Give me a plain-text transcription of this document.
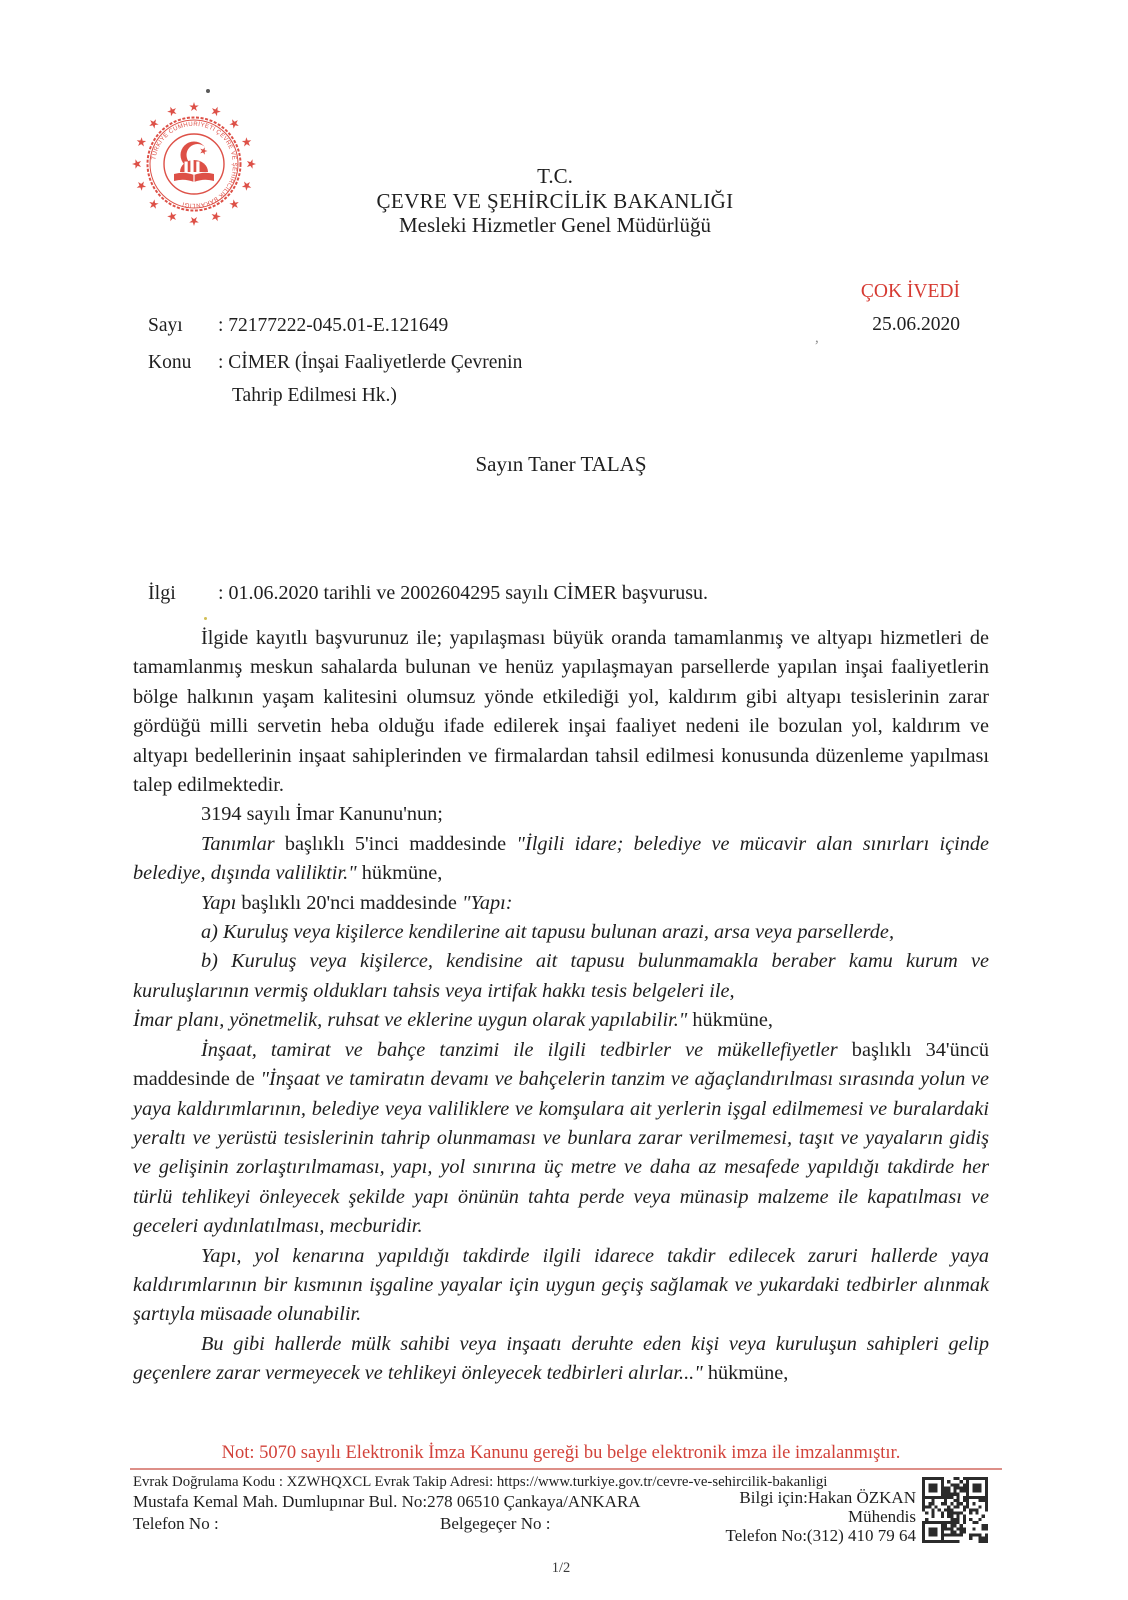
TÜRKİYE CUMHURİYETİ ÇEVRE VE ŞEHİRCİLİK BAKANLIĞI
T.C.
ÇEVRE VE ŞEHİRCİLİK BAKANLIĞI
Mesleki Hizmetler Genel Müdürlüğü
ÇOK İVEDİ
25.06.2020
Sayı	: 72177222-045.01-E.121649
Konu	: CİMER (İnşai Faaliyetlerde Çevrenin
Tahrip Edilmesi Hk.)
Sayın Taner TALAŞ
İlgi	: 01.06.2020 tarihli ve 2002604295 sayılı CİMER başvurusu.

İlgide kayıtlı başvurunuz ile; yapılaşması büyük oranda tamamlanmış ve altyapı hizmetleri de tamamlanmış meskun sahalarda bulunan ve henüz yapılaşmayan parsellerde yapılan inşai faaliyetlerin bölge halkının yaşam kalitesini olumsuz yönde etkilediği yol, kaldırım gibi altyapı tesislerinin zarar gördüğü milli servetin heba olduğu ifade edilerek inşai faaliyet nedeni ile bozulan yol, kaldırım ve altyapı bedellerinin inşaat sahiplerinden ve firmalardan tahsil edilmesi konusunda düzenleme yapılması talep edilmektedir.

3194 sayılı İmar Kanunu'nun;

Tanımlar başlıklı 5'inci maddesinde "İlgili idare; belediye ve mücavir alan sınırları içinde belediye, dışında valiliktir." hükmüne,

Yapı başlıklı 20'nci maddesinde "Yapı:

a) Kuruluş veya kişilerce kendilerine ait tapusu bulunan arazi, arsa veya parsellerde,

b) Kuruluş veya kişilerce, kendisine ait tapusu bulunmamakla beraber kamu kurum ve kuruluşlarının vermiş oldukları tahsis veya irtifak hakkı tesis belgeleri ile,

İmar planı, yönetmelik, ruhsat ve eklerine uygun olarak yapılabilir." hükmüne,

İnşaat, tamirat ve bahçe tanzimi ile ilgili tedbirler ve mükellefiyetler başlıklı 34'üncü maddesinde de "İnşaat ve tamiratın devamı ve bahçelerin tanzim ve ağaçlandırılması sırasında yolun ve yaya kaldırımlarının, belediye veya valiliklere ve komşulara ait yerlerin işgal edilmemesi ve buralardaki yeraltı ve yerüstü tesislerinin tahrip olunmaması ve bunlara zarar verilmemesi, taşıt ve yayaların gidiş ve gelişinin zorlaştırılmaması, yapı, yol sınırına üç metre ve daha az mesafede yapıldığı takdirde her türlü tehlikeyi önleyecek şekilde yapı önünün tahta perde veya münasip malzeme ile kapatılması ve geceleri aydınlatılması, mecburidir.

Yapı, yol kenarına yapıldığı takdirde ilgili idarece takdir edilecek zaruri hallerde yaya kaldırımlarının bir kısmının işgaline yayalar için uygun geçiş sağlamak ve yukardaki tedbirler alınmak şartıyla müsaade olunabilir.

Bu gibi hallerde mülk sahibi veya inşaatı deruhte eden kişi veya kuruluşun sahipleri gelip geçenlere zarar vermeyecek ve tehlikeyi önleyecek tedbirleri alırlar..." hükmüne,

Not: 5070 sayılı Elektronik İmza Kanunu gereği bu belge elektronik imza ile imzalanmıştır.
Evrak Doğrulama Kodu : XZWHQXCL Evrak Takip Adresi: https://www.turkiye.gov.tr/cevre-ve-sehircilik-bakanligi
Mustafa Kemal Mah. Dumlupınar Bul. No:278 06510 Çankaya/ANKARA
Telefon No :	Belgegeçer No :
Bilgi için:Hakan ÖZKAN
Mühendis
Telefon No:(312) 410 79 64
1/2
,
